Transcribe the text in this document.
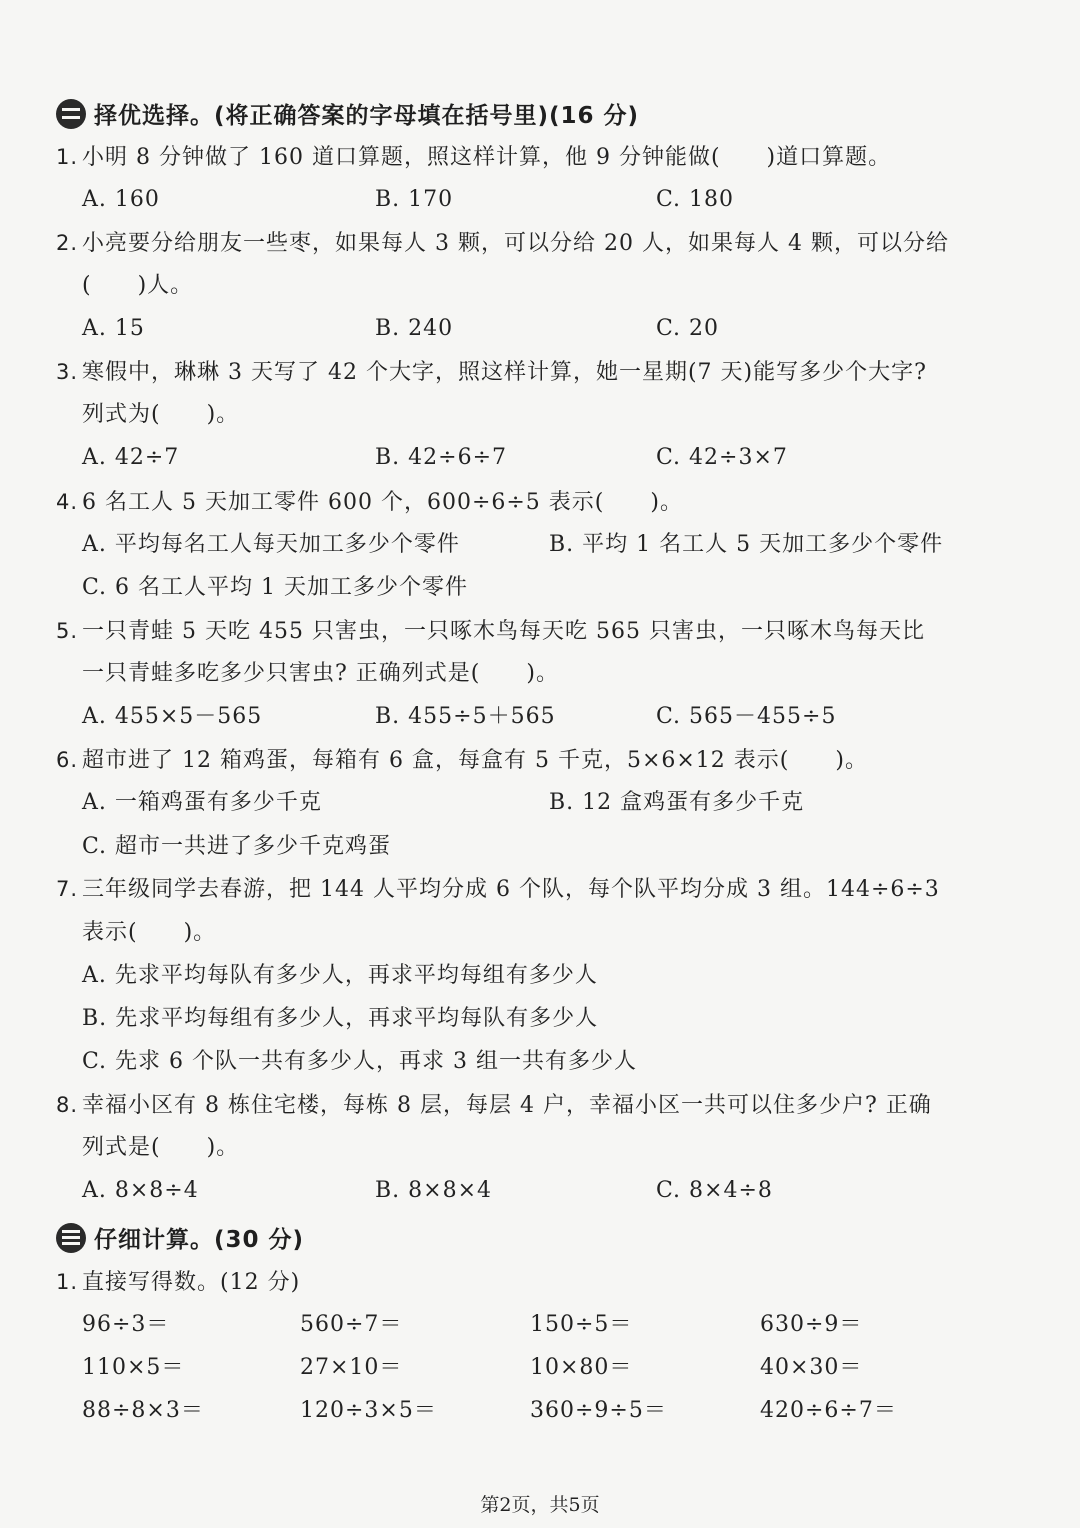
择优选择。(将正确答案的字母填在括号里)(16 分)
1. 小明 8 分钟做了 160 道口算题，照这样计算，他 9 分钟能做(　　)道口算题。
A. 160	B. 170	C. 180
2. 小亮要分给朋友一些枣，如果每人 3 颗，可以分给 20 人，如果每人 4 颗，可以分给
(　　)人。
A. 15	B. 240	C. 20
3. 寒假中，琳琳 3 天写了 42 个大字，照这样计算，她一星期(7 天)能写多少个大字?
列式为(　　)。
A. 42÷7	B. 42÷6÷7	C. 42÷3×7
4. 6 名工人 5 天加工零件 600 个，600÷6÷5 表示(　　)。
A. 平均每名工人每天加工多少个零件	B. 平均 1 名工人 5 天加工多少个零件
C. 6 名工人平均 1 天加工多少个零件
5. 一只青蛙 5 天吃 455 只害虫，一只啄木鸟每天吃 565 只害虫，一只啄木鸟每天比
一只青蛙多吃多少只害虫? 正确列式是(　　)。
A. 455×5－565	B. 455÷5＋565	C. 565－455÷5
6. 超市进了 12 箱鸡蛋，每箱有 6 盒，每盒有 5 千克，5×6×12 表示(　　)。
A. 一箱鸡蛋有多少千克	B. 12 盒鸡蛋有多少千克
C. 超市一共进了多少千克鸡蛋
7. 三年级同学去春游，把 144 人平均分成 6 个队，每个队平均分成 3 组。144÷6÷3
表示(　　)。
A. 先求平均每队有多少人，再求平均每组有多少人
B. 先求平均每组有多少人，再求平均每队有多少人
C. 先求 6 个队一共有多少人，再求 3 组一共有多少人
8. 幸福小区有 8 栋住宅楼，每栋 8 层，每层 4 户，幸福小区一共可以住多少户? 正确
列式是(　　)。
A. 8×8÷4	B. 8×8×4	C. 8×4÷8
仔细计算。(30 分)
1. 直接写得数。(12 分)
96÷3＝	560÷7＝	150÷5＝	630÷9＝
110×5＝	27×10＝	10×80＝	40×30＝
88÷8×3＝	120÷3×5＝	360÷9÷5＝	420÷6÷7＝
第2页，共5页
